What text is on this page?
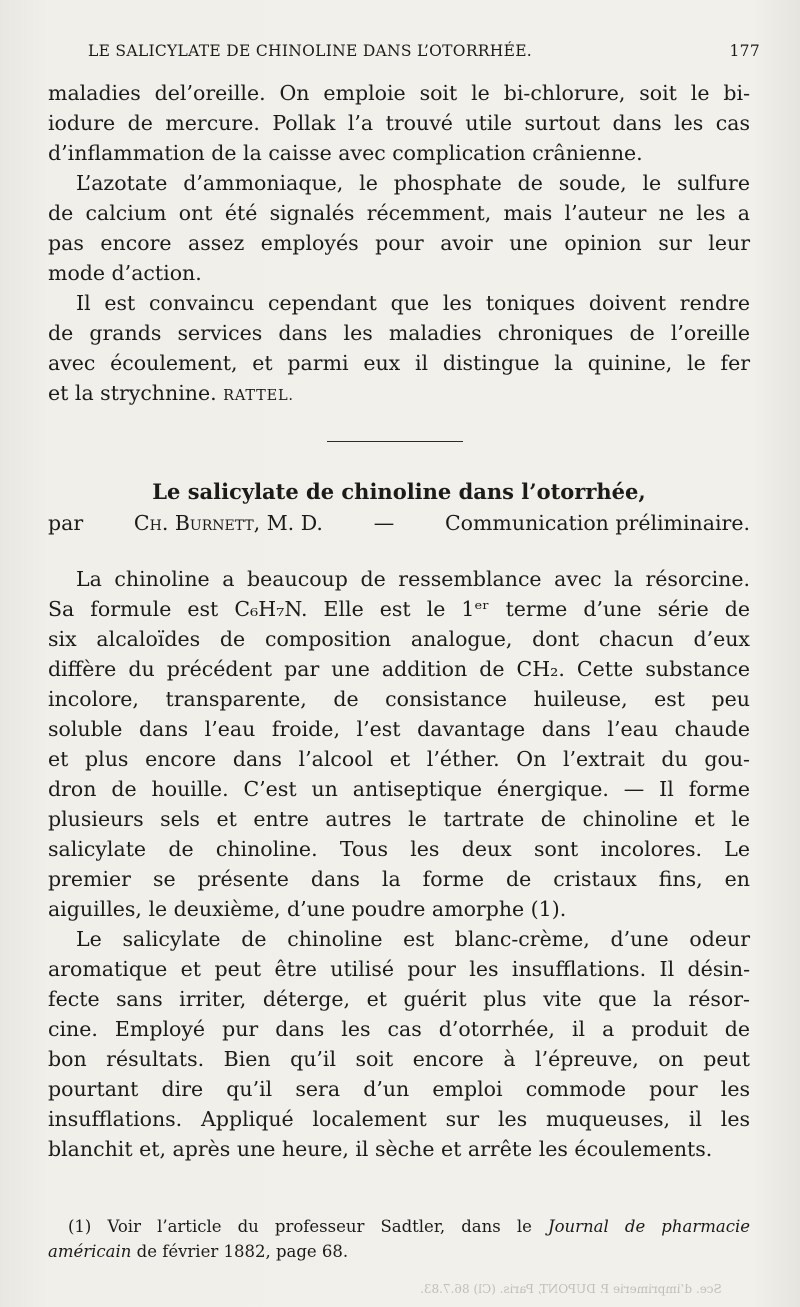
LE SALICYLATE DE CHINOLINE DANS L’OTORRHÉE.	177

maladies del’oreille. On emploie soit le bi-chlorure, soit le bi-
iodure de mercure. Pollak l’a trouvé utile surtout dans les cas
d’inflammation de la caisse avec complication crânienne.

L’azotate d’ammoniaque, le phosphate de soude, le sulfure
de calcium ont été signalés récemment, mais l’auteur ne les a
pas encore assez employés pour avoir une opinion sur leur
mode d’action.

Il est convaincu cependant que les toniques doivent rendre
de grands services dans les maladies chroniques de l’oreille
avec écoulement, et parmi eux il distingue la quinine, le fer
et la strychnine. RATTEL.

Le salicylate de chinoline dans l’otorrhée,
par Ch. Burnett, M. D. — Communication préliminaire.

La chinoline a beaucoup de ressemblance avec la résorcine.
Sa formule est C₆H₇N. Elle est le 1ᵉʳ terme d’une série de
six alcaloïdes de composition analogue, dont chacun d’eux
diffère du précédent par une addition de CH₂. Cette substance
incolore, transparente, de consistance huileuse, est peu
soluble dans l’eau froide, l’est davantage dans l’eau chaude
et plus encore dans l’alcool et l’éther. On l’extrait du gou-
dron de houille. C’est un antiseptique énergique. — Il forme
plusieurs sels et entre autres le tartrate de chinoline et le
salicylate de chinoline. Tous les deux sont incolores. Le
premier se présente dans la forme de cristaux fins, en
aiguilles, le deuxième, d’une poudre amorphe (1).

Le salicylate de chinoline est blanc-crème, d’une odeur
aromatique et peut être utilisé pour les insufflations. Il désin-
fecte sans irriter, déterge, et guérit plus vite que la résor-
cine. Employé pur dans les cas d’otorrhée, il a produit de
bon résultats. Bien qu’il soit encore à l’épreuve, on peut
pourtant dire qu’il sera d’un emploi commode pour les
insufflations. Appliqué localement sur les muqueuses, il les
blanchit et, après une heure, il sèche et arrête les écoulements.

(1) Voir l’article du professeur Sadtler, dans le Journal de pharmacie
américain de février 1882, page 68.
Sce. d’imprimerie P. DUPONT, Paris. (Cl) 86.7.83.
